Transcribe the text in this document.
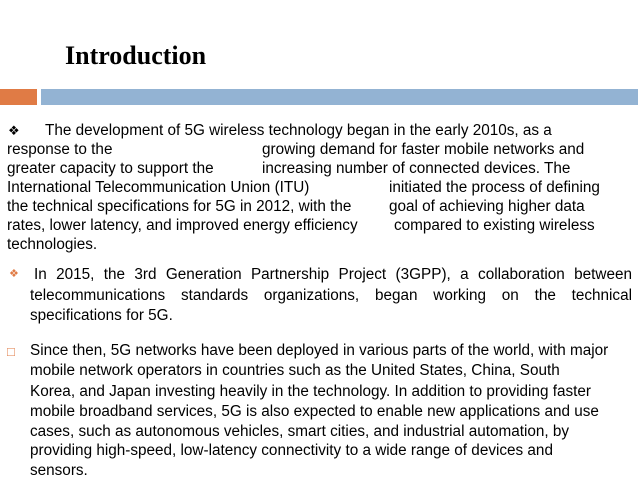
Introduction
❖ The development of 5G wireless technology began in the early 2010s, as a
response to the	growing demand for faster mobile networks and
greater capacity to support the	increasing number of connected devices. The
International Telecommunication Union (ITU)	initiated the process of defining
the technical specifications for 5G in 2012, with the goal of achieving higher data
rates, lower latency, and improved energy efficiency compared to existing wireless
technologies.
❖ In 2015, the 3rd Generation Partnership Project (3GPP), a collaboration between
telecommunications standards organizations, began working on the technical
specifications for 5G.
□ Since then, 5G networks have been deployed in various parts of the world, with major
mobile network operators in countries such as the United States, China, South
Korea, and Japan investing heavily in the technology. In addition to providing faster
mobile broadband services, 5G is also expected to enable new applications and use
cases, such as autonomous vehicles, smart cities, and industrial automation, by
providing high-speed, low-latency connectivity to a wide range of devices and
sensors.
